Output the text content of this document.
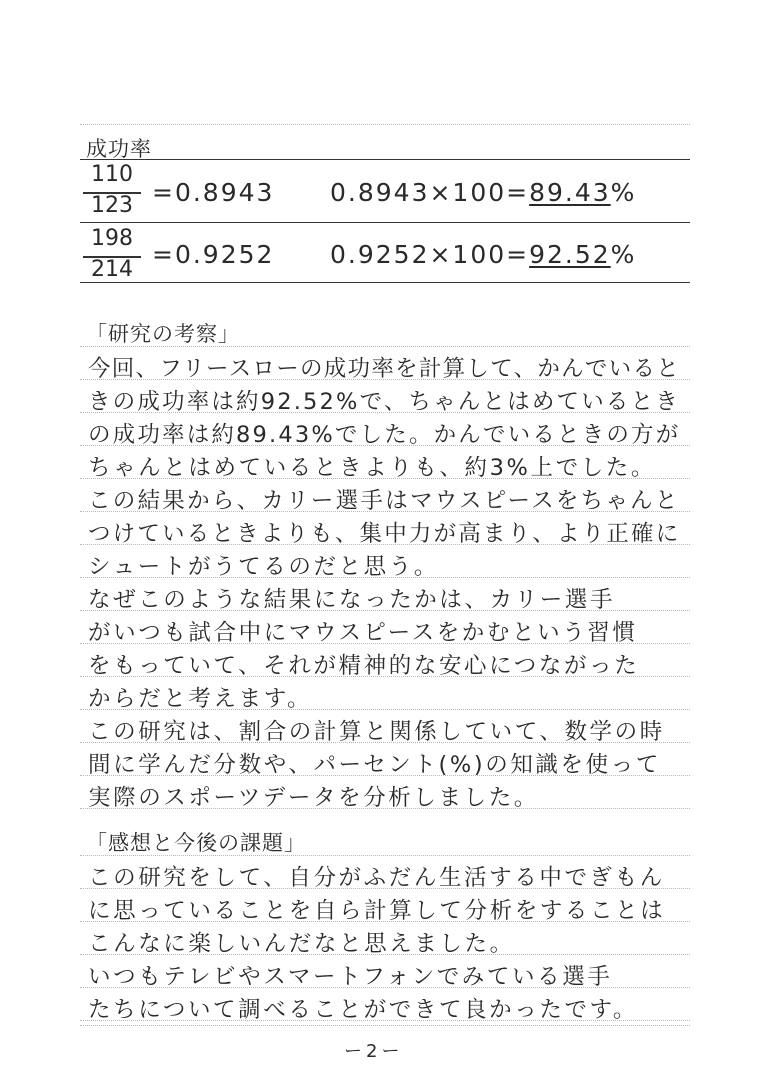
成功率
110
123 =0.8943 0.8943×100=89.43%
198
214
=0.9252 0.9252×100=92.52%
「研究の考察」
今回、フリースローの成功率を計算して、かんでいると
きの成功率は約92.52%で、ちゃんとはめているとき
の成功率は約89.43%でした。かんでいるときの方が
ちゃんとはめているときよりも、約3%上でした。
この結果から、カリー選手はマウスピースをちゃんと
つけているときよりも、集中力が高まり、より正確に
シュートがうてるのだと思う。
なぜこのような結果になったかは、カリー選手
がいつも試合中にマウスピースをかむという習慣
をもっていて、それが精神的な安心につながった
からだと考えます。
この研究は、割合の計算と関係していて、数学の時
間に学んだ分数や、パーセント(%)の知識を使って
実際のスポーツデータを分析しました。
「感想と今後の課題」
この研究をして、自分がふだん生活する中でぎもん
に思っていることを自ら計算して分析をすることは
こんなに楽しいんだなと思えました。
ー2ー
いつもテレビやスマートフォンでみている選手
たちについて調べることができて良かったです。
